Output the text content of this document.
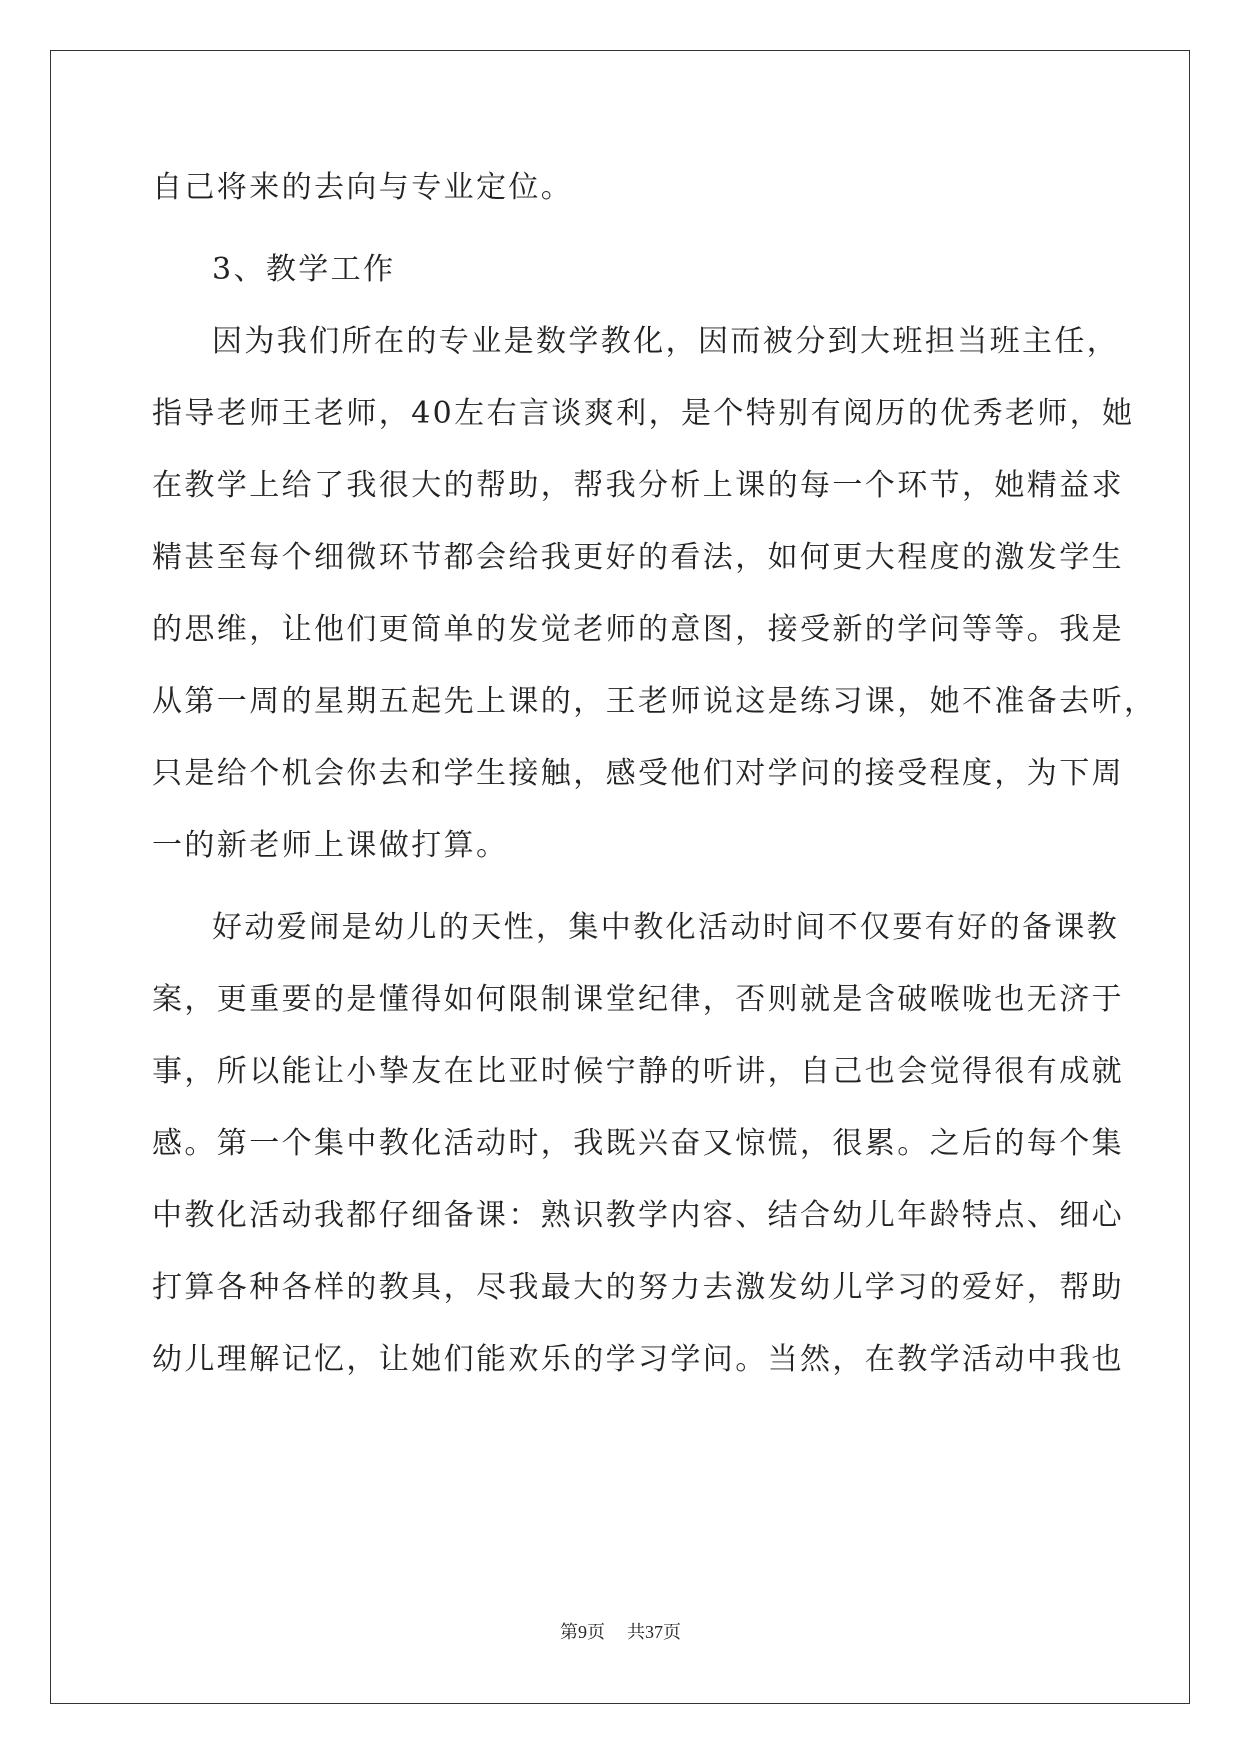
自己将来的去向与专业定位。
3、教学工作
因为我们所在的专业是数学教化，因而被分到大班担当班主任，
指导老师王老师，40左右言谈爽利，是个特别有阅历的优秀老师，她
在教学上给了我很大的帮助，帮我分析上课的每一个环节，她精益求
精甚至每个细微环节都会给我更好的看法，如何更大程度的激发学生
的思维，让他们更简单的发觉老师的意图，接受新的学问等等。我是
从第一周的星期五起先上课的，王老师说这是练习课，她不准备去听，
只是给个机会你去和学生接触，感受他们对学问的接受程度，为下周
一的新老师上课做打算。
好动爱闹是幼儿的天性，集中教化活动时间不仅要有好的备课教
案，更重要的是懂得如何限制课堂纪律，否则就是含破喉咙也无济于
事，所以能让小挚友在比亚时候宁静的听讲，自己也会觉得很有成就
感。第一个集中教化活动时，我既兴奋又惊慌，很累。之后的每个集
中教化活动我都仔细备课：熟识教学内容、结合幼儿年龄特点、细心
打算各种各样的教具，尽我最大的努力去激发幼儿学习的爱好，帮助
幼儿理解记忆，让她们能欢乐的学习学问。当然，在教学活动中我也
第9页 共37页
